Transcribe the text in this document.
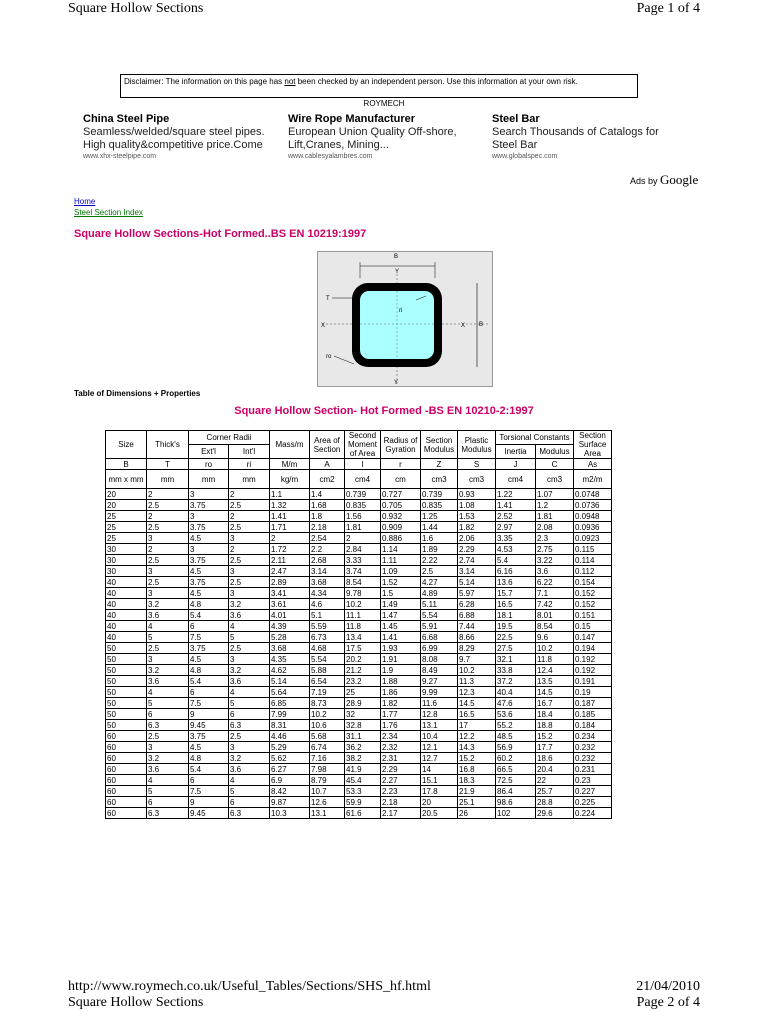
Square Hollow Sections	Page 1 of 4
Disclaimer: The information on this page has not been checked by an independent person. Use this information at your own risk.
ROYMECH
China Steel Pipe
Seamless/welded/square steel pipes. High quality&competitive price.Come
www.xhx-steelpipe.com
Wire Rope Manufacturer
European Union Quality Off-shore, Lift,Cranes, Mining...
www.cablesyalambres.com
Steel Bar
Search Thousands of Catalogs for Steel Bar
www.globalspec.com
Ads by Google
Home
Steel Section Index
Square Hollow Sections-Hot Formed..BS EN 10219:1997
B
Y
ri
T
X	X B
ro
Y
Table of Dimensions + Properties
Square Hollow Section- Hot Formed -BS EN 10210-2:1997
Size	Thick's	Corner Radii		Mass/m	Area of Section	Second Moment of Area	Radius of Gyration	Section Modulus	Plastic Modulus	Torsional Constants		Section Surface Area
		Ext'l	Int'l							Inertia	Modulus	
B	T	ro	ri	M/m	A	I	r	Z	S	J	C	As
mm x mm	mm	mm	mm	kg/m	cm2	cm4	cm	cm3	cm3	cm4	cm3	m2/m
20	2	3	2	1.1	1.4	0.739	0.727	0.739	0.93	1.22	1.07	0.0748
20	2.5	3.75	2.5	1.32	1.68	0.835	0.705	0.835	1.08	1.41	1.2	0.0736
25	2	3	2	1.41	1.8	1.56	0.932	1.25	1.53	2.52	1.81	0.0948
25	2.5	3.75	2.5	1.71	2.18	1.81	0.909	1.44	1.82	2.97	2.08	0.0936
25	3	4.5	3	2	2.54	2	0.886	1.6	2.06	3.35	2.3	0.0923
30	2	3	2	1.72	2.2	2.84	1.14	1.89	2.29	4.53	2.75	0.115
30	2.5	3.75	2.5	2.11	2.68	3.33	1.11	2.22	2.74	5.4	3.22	0.114
30	3	4.5	3	2.47	3.14	3.74	1.09	2.5	3.14	6.16	3.6	0.112
40	2.5	3.75	2.5	2.89	3.68	8.54	1.52	4.27	5.14	13.6	6.22	0.154
40	3	4.5	3	3.41	4.34	9.78	1.5	4.89	5.97	15.7	7.1	0.152
40	3.2	4.8	3.2	3.61	4.6	10.2	1.49	5.11	6.28	16.5	7.42	0.152
40	3.6	5.4	3.6	4.01	5.1	11.1	1.47	5.54	6.88	18.1	8.01	0.151
40	4	6	4	4.39	5.59	11.8	1.45	5.91	7.44	19.5	8.54	0.15
40	5	7.5	5	5.28	6.73	13.4	1.41	6.68	8.66	22.5	9.6	0.147
50	2.5	3.75	2.5	3.68	4.68	17.5	1.93	6.99	8.29	27.5	10.2	0.194
50	3	4.5	3	4.35	5.54	20.2	1.91	8.08	9.7	32.1	11.8	0.192
50	3.2	4.8	3.2	4.62	5.88	21.2	1.9	8.49	10.2	33.8	12.4	0.192
50	3.6	5.4	3.6	5.14	6.54	23.2	1.88	9.27	11.3	37.2	13.5	0.191
50	4	6	4	5.64	7.19	25	1.86	9.99	12.3	40.4	14.5	0.19
50	5	7.5	5	6.85	8.73	28.9	1.82	11.6	14.5	47.6	16.7	0.187
50	6	9	6	7.99	10.2	32	1.77	12.8	16.5	53.6	18.4	0.185
50	6.3	9.45	6.3	8.31	10.6	32.8	1.76	13.1	17	55.2	18.8	0.184
60	2.5	3.75	2.5	4.46	5.68	31.1	2.34	10.4	12.2	48.5	15.2	0.234
60	3	4.5	3	5.29	6.74	36.2	2.32	12.1	14.3	56.9	17.7	0.232
60	3.2	4.8	3.2	5.62	7.16	38.2	2.31	12.7	15.2	60.2	18.6	0.232
60	3.6	5.4	3.6	6.27	7.98	41.9	2.29	14	16.8	66.5	20.4	0.231
60	4	6	4	6.9	8.79	45.4	2.27	15.1	18.3	72.5	22	0.23
60	5	7.5	5	8.42	10.7	53.3	2.23	17.8	21.9	86.4	25.7	0.227
60	6	9	6	9.87	12.6	59.9	2.18	20	25.1	98.6	28.8	0.225
60	6.3	9.45	6.3	10.3	13.1	61.6	2.17	20.5	26	102	29.6	0.224
http://www.roymech.co.uk/Useful_Tables/Sections/SHS_hf.html	21/04/2010
Square Hollow Sections	Page 2 of 4
